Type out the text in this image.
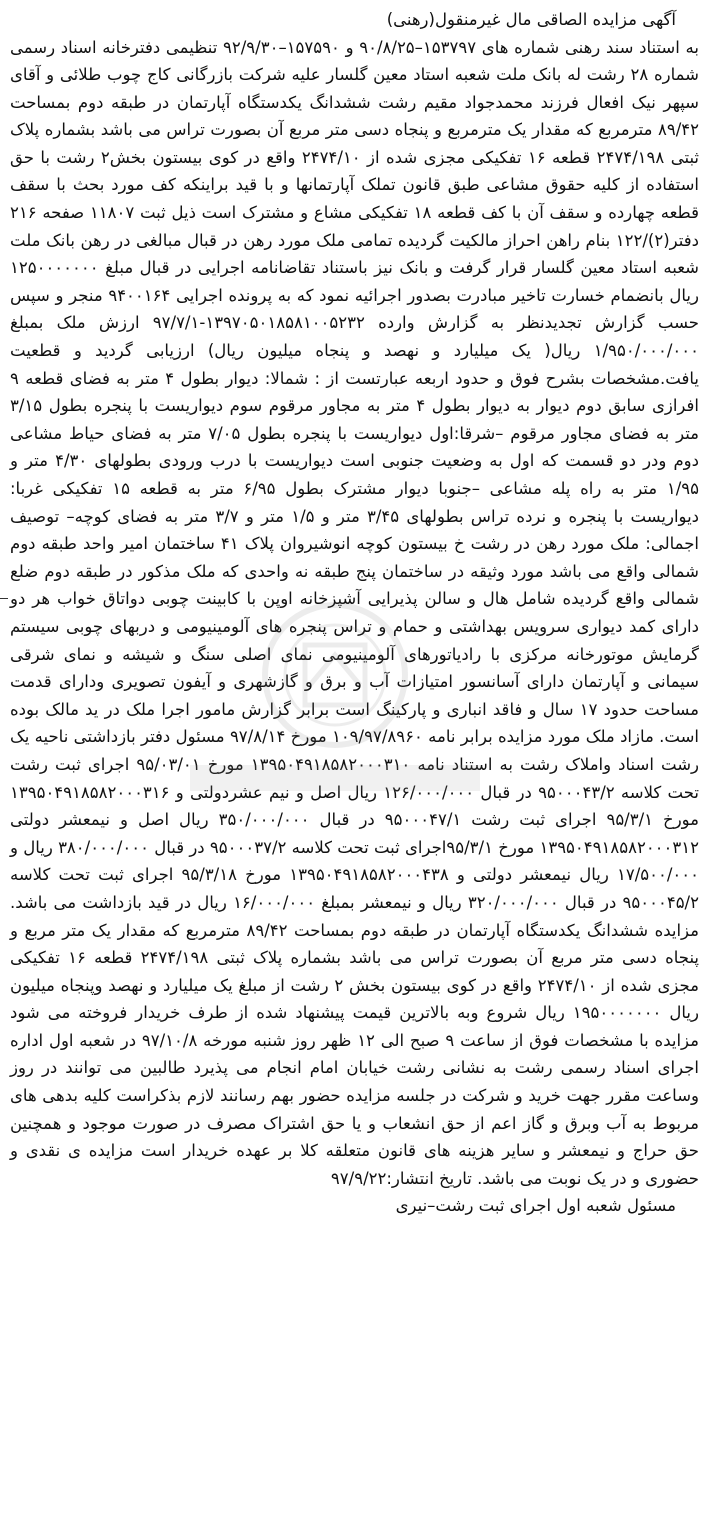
آگهی مزایده الصاقی مال غیرمنقول(رهنی)

به استناد سند رهنی شماره های ۱۵۳۷۹۷–۹۰/۸/۲۵ و ۱۵۷۵۹۰–۹۲/۹/۳۰ تنظیمی دفترخانه اسناد رسمی شماره ۲۸ رشت له بانک ملت شعبه استاد معین گلسار علیه شرکت بازرگانی کاج چوب طلائی و آقای سپهر نیک افعال فرزند محمدجواد مقیم رشت ششدانگ یکدستگاه آپارتمان در طبقه دوم بمساحت ۸۹/۴۲ مترمربع که مقدار یک مترمربع و پنجاه دسی متر مربع آن بصورت تراس می باشد بشماره پلاک ثبتی ۲۴۷۴/۱۹۸ قطعه ۱۶ تفکیکی مجزی شده از ۲۴۷۴/۱۰ واقع در کوی بیستون بخش۲ رشت با حق استفاده از کلیه حقوق مشاعی طبق قانون تملک آپارتمانها و با قید براینکه کف مورد بحث با سقف قطعه چهارده و سقف آن با کف قطعه ۱۸ تفکیکی مشاع و مشترک است ذیل ثبت ۱۱۸۰۷ صفحه ۲۱۶ دفتر(۲)/۱۲۲ بنام راهن احراز مالکیت گردیده تمامی ملک مورد رهن در قبال مبالغی در رهن بانک ملت شعبه استاد معین گلسار قرار گرفت و بانک نیز باستناد تقاضانامه اجرایی در قبال مبلغ ۱۲۵۰۰۰۰۰۰۰ ریال بانضمام خسارت تاخیر مبادرت بصدور اجرائیه نمود که به پرونده اجرایی ۹۴۰۰۱۶۴ منجر و سپس حسب گزارش تجدیدنظر به گزارش وارده ۱۳۹۷۰۵۰۱۸۵۸۱۰۰۵۲۳۲-۹۷/۷/۱ ارزش ملک بمبلغ ۱/۹۵۰/۰۰۰/۰۰۰ ریال( یک میلیارد و نهصد و پنجاه میلیون ریال) ارزیابی گردید و قطعیت یافت.مشخصات بشرح فوق و حدود اربعه عبارتست از : شمالا: دیوار بطول ۴ متر به فضای قطعه ۹ افرازی سابق دوم دیوار به دیوار بطول ۴ متر به مجاور مرقوم سوم دیواریست با پنجره بطول ۳/۱۵ متر به فضای مجاور مرقوم –شرقا:اول دیواریست با پنجره بطول ۷/۰۵ متر به فضای حیاط مشاعی دوم ودر دو قسمت که اول به وضعیت جنوبی است دیواریست با درب ورودی بطولهای ۴/۳۰ متر و ۱/۹۵ متر به راه پله مشاعی –جنوبا دیوار مشترک بطول ۶/۹۵ متر به قطعه ۱۵ تفکیکی غربا: دیواریست با پنجره و نرده تراس بطولهای ۳/۴۵ متر و ۱/۵ متر و ۳/۷ متر به فضای کوچه– توصیف اجمالی: ملک مورد رهن در رشت خ بیستون کوچه انوشیروان پلاک ۴۱ ساختمان امیر واحد طبقه دوم شمالی واقع می باشد مورد وثیقه در ساختمان پنج طبقه نه واحدی که ملک مذکور در طبقه دوم ضلع شمالی واقع گردیده شامل هال و سالن پذیرایی آشپزخانه اوپن با کابینت چوبی دواتاق خواب هر دو دارای کمد دیواری سرویس بهداشتی و حمام و تراس پنجره های آلومینیومی و دربهای چوبی سیستم گرمایش موتورخانه مرکزی با رادیاتورهای آلومینیومی نمای اصلی سنگ و شیشه و نمای شرقی سیمانی و آپارتمان دارای آسانسور امتیازات آب و برق و گازشهری و آیفون تصویری ودارای قدمت مساحت حدود ۱۷ سال و فاقد انباری و پارکینگ است برابر گزارش مامور اجرا ملک در ید مالک بوده است. مازاد ملک مورد مزایده برابر نامه ۱۰۹/۹۷/۸۹۶۰ مورخ ۹۷/۸/۱۴ مسئول دفتر بازداشتی ناحیه یک رشت اسناد واملاک رشت به استناد نامه ۱۳۹۵۰۴۹۱۸۵۸۲۰۰۰۳۱۰ مورخ ۹۵/۰۳/۰۱ اجرای ثبت رشت تحت کلاسه ۹۵۰۰۰۴۳/۲ در قبال ۱۲۶/۰۰۰/۰۰۰ ریال اصل و نیم عشردولتی و ۱۳۹۵۰۴۹۱۸۵۸۲۰۰۰۳۱۶ مورخ ۹۵/۳/۱ اجرای ثبت رشت ۹۵۰۰۰۴۷/۱ در قبال ۳۵۰/۰۰۰/۰۰۰ ریال اصل و نیمعشر دولتی ۱۳۹۵۰۴۹۱۸۵۸۲۰۰۰۳۱۲ مورخ ۹۵/۳/۱اجرای ثبت تحت کلاسه ۹۵۰۰۰۳۷/۲ در قبال ۳۸۰/۰۰۰/۰۰۰ ریال و ۱۷/۵۰۰/۰۰۰ ریال نیمعشر دولتی و ۱۳۹۵۰۴۹۱۸۵۸۲۰۰۰۴۳۸ مورخ ۹۵/۳/۱۸ اجرای ثبت تحت کلاسه ۹۵۰۰۰۴۵/۲ در قبال ۳۲۰/۰۰۰/۰۰۰ ریال و نیمعشر بمبلغ ۱۶/۰۰۰/۰۰۰ ریال در قید بازداشت می باشد. مزایده ششدانگ یکدستگاه آپارتمان در طبقه دوم بمساحت ۸۹/۴۲ مترمربع که مقدار یک متر مربع و پنجاه دسی متر مربع آن بصورت تراس می باشد بشماره پلاک ثبتی ۲۴۷۴/۱۹۸ قطعه ۱۶ تفکیکی مجزی شده از ۲۴۷۴/۱۰ واقع در کوی بیستون بخش ۲ رشت از مبلغ یک میلیارد و نهصد وپنجاه میلیون ریال ۱۹۵۰۰۰۰۰۰۰ ریال شروع وبه بالاترین قیمت پیشنهاد شده از طرف خریدار فروخته می شود مزایده با مشخصات فوق از ساعت ۹ صبح الی ۱۲ ظهر روز شنبه مورخه ۹۷/۱۰/۸ در شعبه اول اداره اجرای اسناد رسمی رشت به نشانی رشت خیابان امام انجام می پذیرد طالبین می توانند در روز وساعت مقرر جهت خرید و شرکت در جلسه مزایده حضور بهم رسانند لازم بذکراست کلیه بدهی های مربوط به آب وبرق و گاز اعم از حق انشعاب و یا حق اشتراک مصرف در صورت موجود و همچنین حق حراج و نیمعشر و سایر هزینه های قانون متعلقه کلا بر عهده خریدار است مزایده ی نقدی و حضوری و در یک نوبت می باشد. تاریخ انتشار:۹۷/۹/۲۲

مسئول شعبه اول اجرای ثبت رشت–نیری
